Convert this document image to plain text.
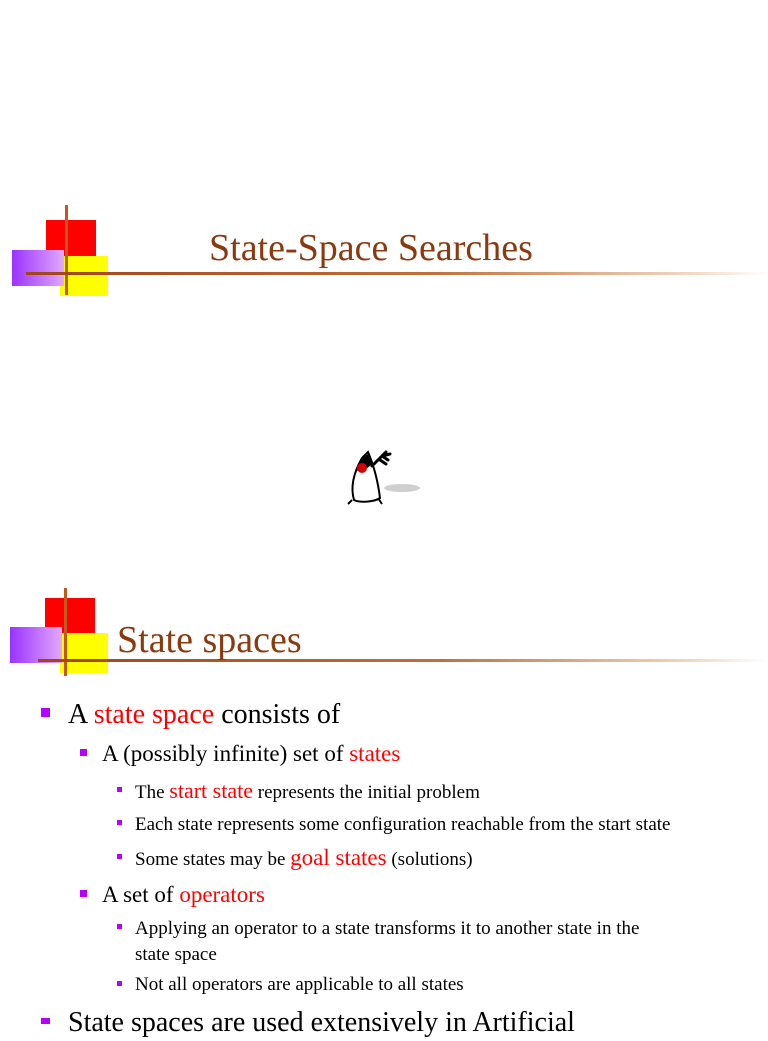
State-Space Searches
State spaces
A state space consists of
A (possibly infinite) set of states
The start state represents the initial problem
Each state represents some configuration reachable from the start state
Some states may be goal states (solutions)
A set of operators
Applying an operator to a state transforms it to another state in the
state space
Not all operators are applicable to all states
State spaces are used extensively in Artificial
